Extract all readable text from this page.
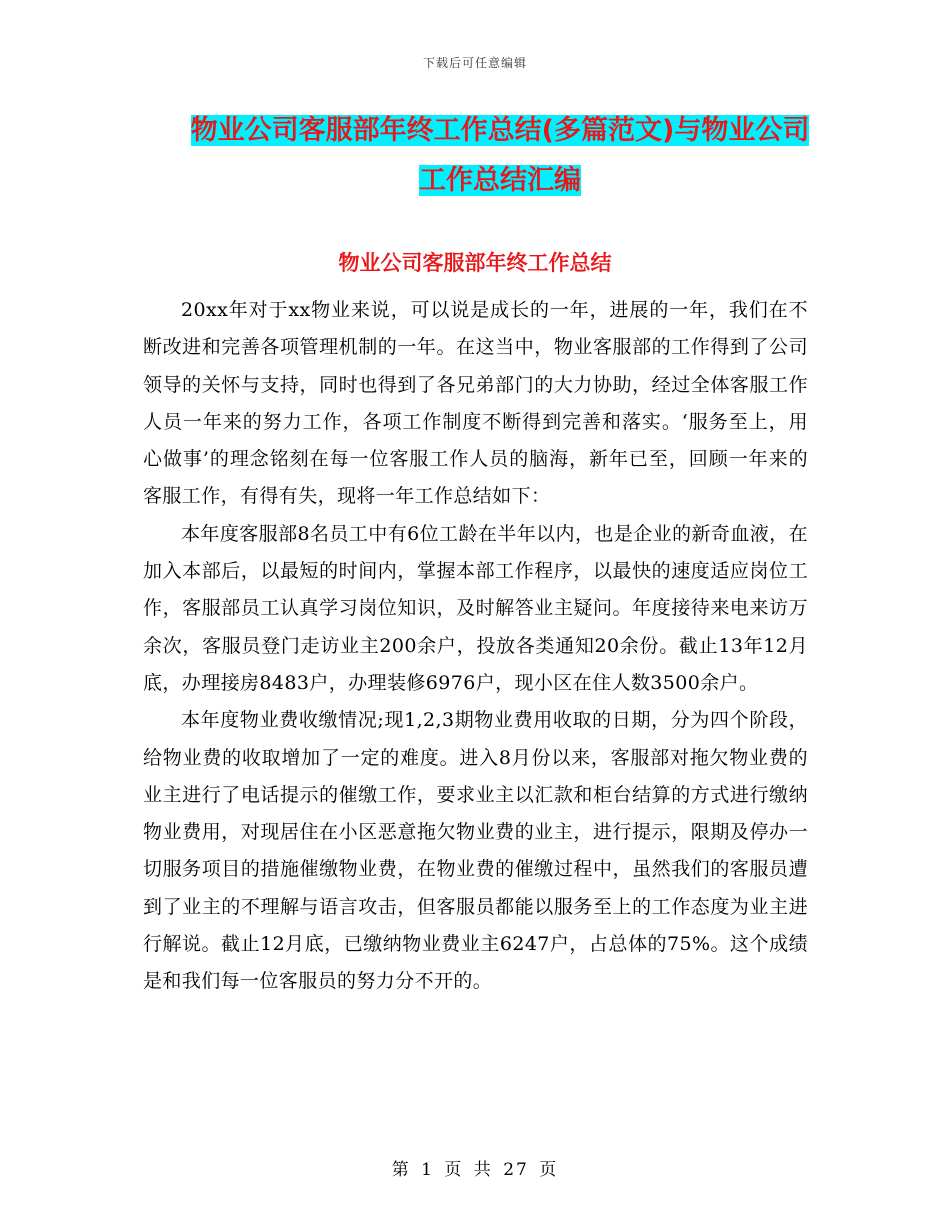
下载后可任意编辑
物业公司客服部年终工作总结(多篇范文)与物业公司
工作总结汇编
物业公司客服部年终工作总结

20xx年对于xx物业来说，可以说是成长的一年，进展的一年，我们在不断改进和完善各项管理机制的一年。在这当中，物业客服部的工作得到了公司领导的关怀与支持，同时也得到了各兄弟部门的大力协助，经过全体客服工作人员一年来的努力工作，各项工作制度不断得到完善和落实。‘服务至上，用心做事’的理念铭刻在每一位客服工作人员的脑海，新年已至，回顾一年来的客服工作，有得有失，现将一年工作总结如下：

本年度客服部8名员工中有6位工龄在半年以内，也是企业的新奇血液，在加入本部后，以最短的时间内，掌握本部工作程序，以最快的速度适应岗位工作，客服部员工认真学习岗位知识，及时解答业主疑问。年度接待来电来访万余次，客服员登门走访业主200余户，投放各类通知20余份。截止13年12月底，办理接房8483户，办理装修6976户，现小区在住人数3500余户。

本年度物业费收缴情况;现1,2,3期物业费用收取的日期，分为四个阶段，给物业费的收取增加了一定的难度。进入8月份以来，客服部对拖欠物业费的业主进行了电话提示的催缴工作，要求业主以汇款和柜台结算的方式进行缴纳物业费用，对现居住在小区恶意拖欠物业费的业主，进行提示，限期及停办一切服务项目的措施催缴物业费，在物业费的催缴过程中，虽然我们的客服员遭到了业主的不理解与语言攻击，但客服员都能以服务至上的工作态度为业主进行解说。截止12月底，已缴纳物业费业主6247户，占总体的75%。这个成绩是和我们每一位客服员的努力分不开的。

第 1 页 共 27 页
